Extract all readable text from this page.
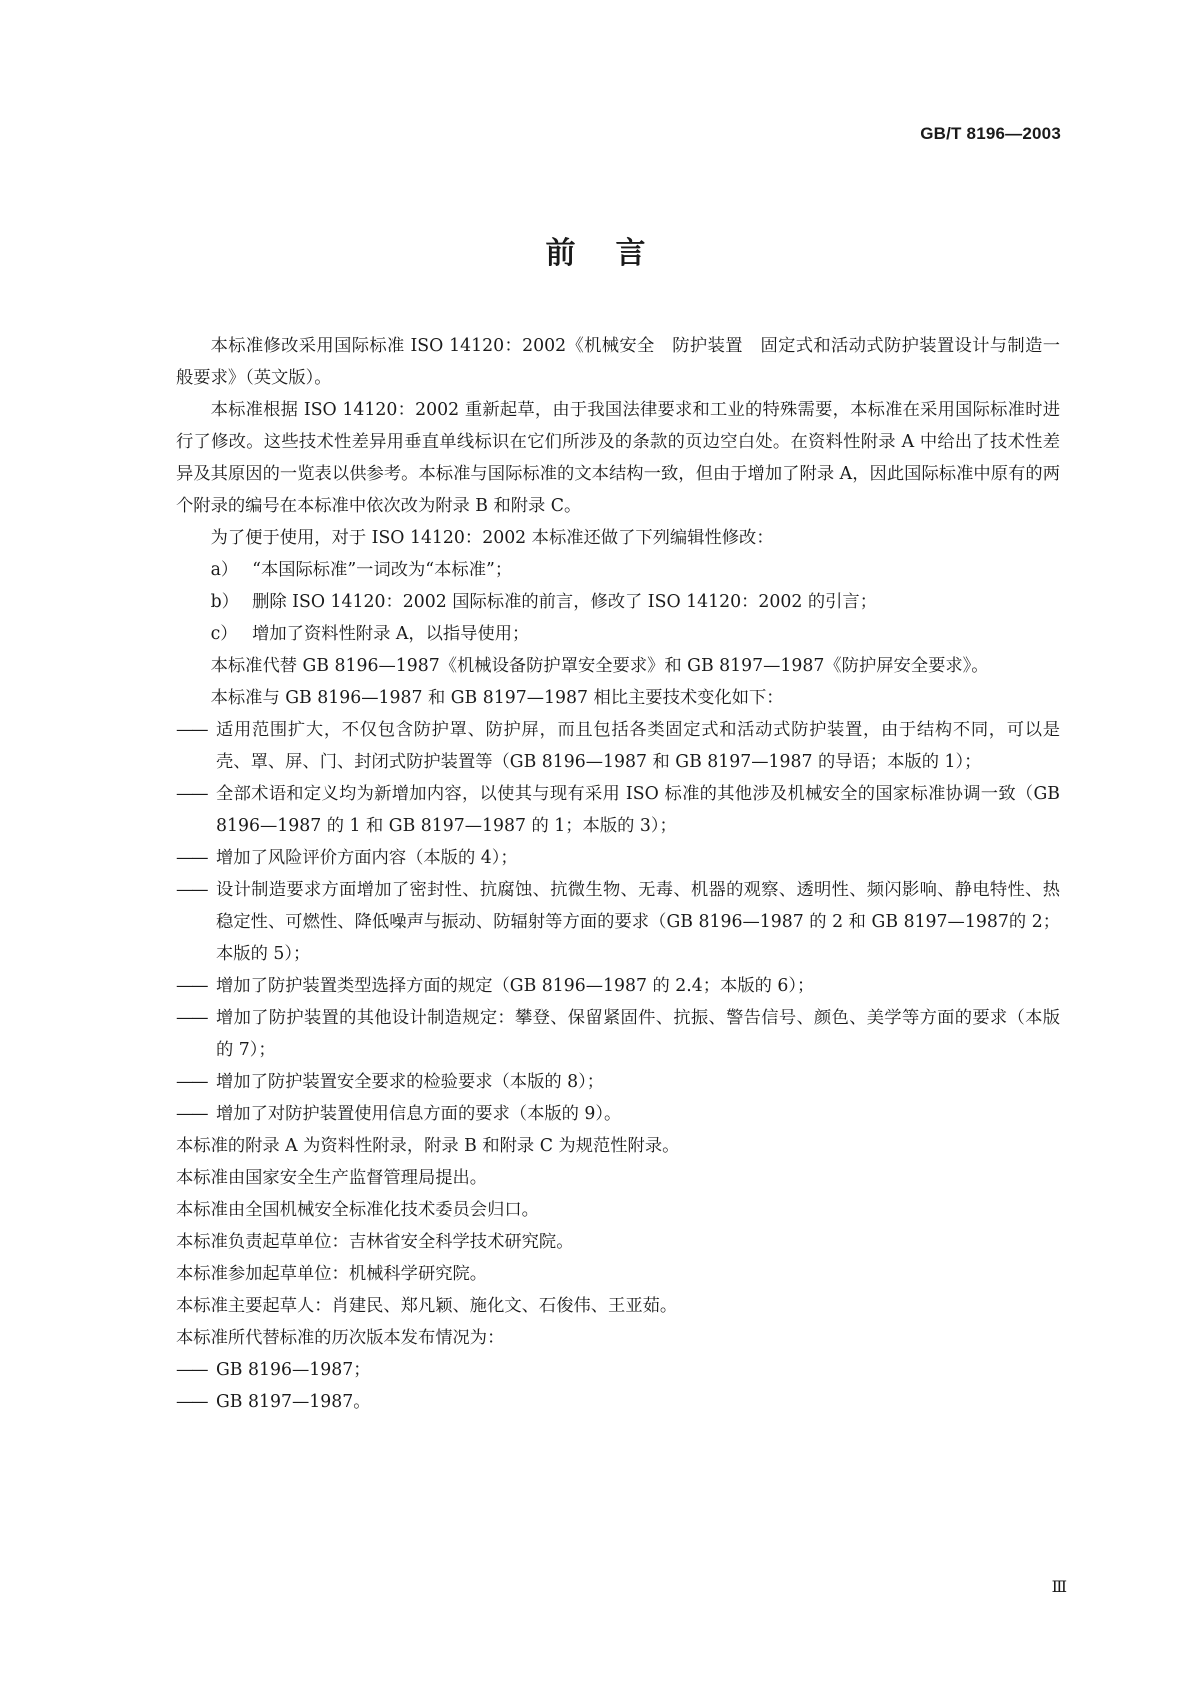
GB/T 8196—2003
前言

本标准修改采用国际标准 ISO 14120：2002《机械安全　防护装置　固定式和活动式防护装置设计与制造一般要求》（英文版）。

本标准根据 ISO 14120：2002 重新起草，由于我国法律要求和工业的特殊需要，本标准在采用国际标准时进行了修改。这些技术性差异用垂直单线标识在它们所涉及的条款的页边空白处。在资料性附录 A 中给出了技术性差异及其原因的一览表以供参考。本标准与国际标准的文本结构一致，但由于增加了附录 A，因此国际标准中原有的两个附录的编号在本标准中依次改为附录 B 和附录 C。

为了便于使用，对于 ISO 14120：2002 本标准还做了下列编辑性修改：

a） “本国际标准”一词改为“本标准”；

b） 删除 ISO 14120：2002 国际标准的前言，修改了 ISO 14120：2002 的引言；

c） 增加了资料性附录 A，以指导使用；

本标准代替 GB 8196—1987《机械设备防护罩安全要求》和 GB 8197—1987《防护屏安全要求》。

本标准与 GB 8196—1987 和 GB 8197—1987 相比主要技术变化如下：

—— 适用范围扩大，不仅包含防护罩、防护屏，而且包括各类固定式和活动式防护装置，由于结构不同，可以是壳、罩、屏、门、封闭式防护装置等（GB 8196—1987 和 GB 8197—1987 的导语；本版的 1）；

—— 全部术语和定义均为新增加内容，以使其与现有采用 ISO 标准的其他涉及机械安全的国家标准协调一致（GB 8196—1987 的 1 和 GB 8197—1987 的 1；本版的 3）；

—— 增加了风险评价方面内容（本版的 4）；

—— 设计制造要求方面增加了密封性、抗腐蚀、抗微生物、无毒、机器的观察、透明性、频闪影响、静电特性、热稳定性、可燃性、降低噪声与振动、防辐射等方面的要求（GB 8196—1987 的 2 和 GB 8197—1987的 2；本版的 5）；

—— 增加了防护装置类型选择方面的规定（GB 8196—1987 的 2.4；本版的 6）；

—— 增加了防护装置的其他设计制造规定：攀登、保留紧固件、抗振、警告信号、颜色、美学等方面的要求（本版的 7）；

—— 增加了防护装置安全要求的检验要求（本版的 8）；

—— 增加了对防护装置使用信息方面的要求（本版的 9）。

本标准的附录 A 为资料性附录，附录 B 和附录 C 为规范性附录。

本标准由国家安全生产监督管理局提出。

本标准由全国机械安全标准化技术委员会归口。

本标准负责起草单位：吉林省安全科学技术研究院。

本标准参加起草单位：机械科学研究院。

本标准主要起草人：肖建民、郑凡颖、施化文、石俊伟、王亚茹。

本标准所代替标准的历次版本发布情况为：

—— GB 8196—1987；

—— GB 8197—1987。

Ⅲ
